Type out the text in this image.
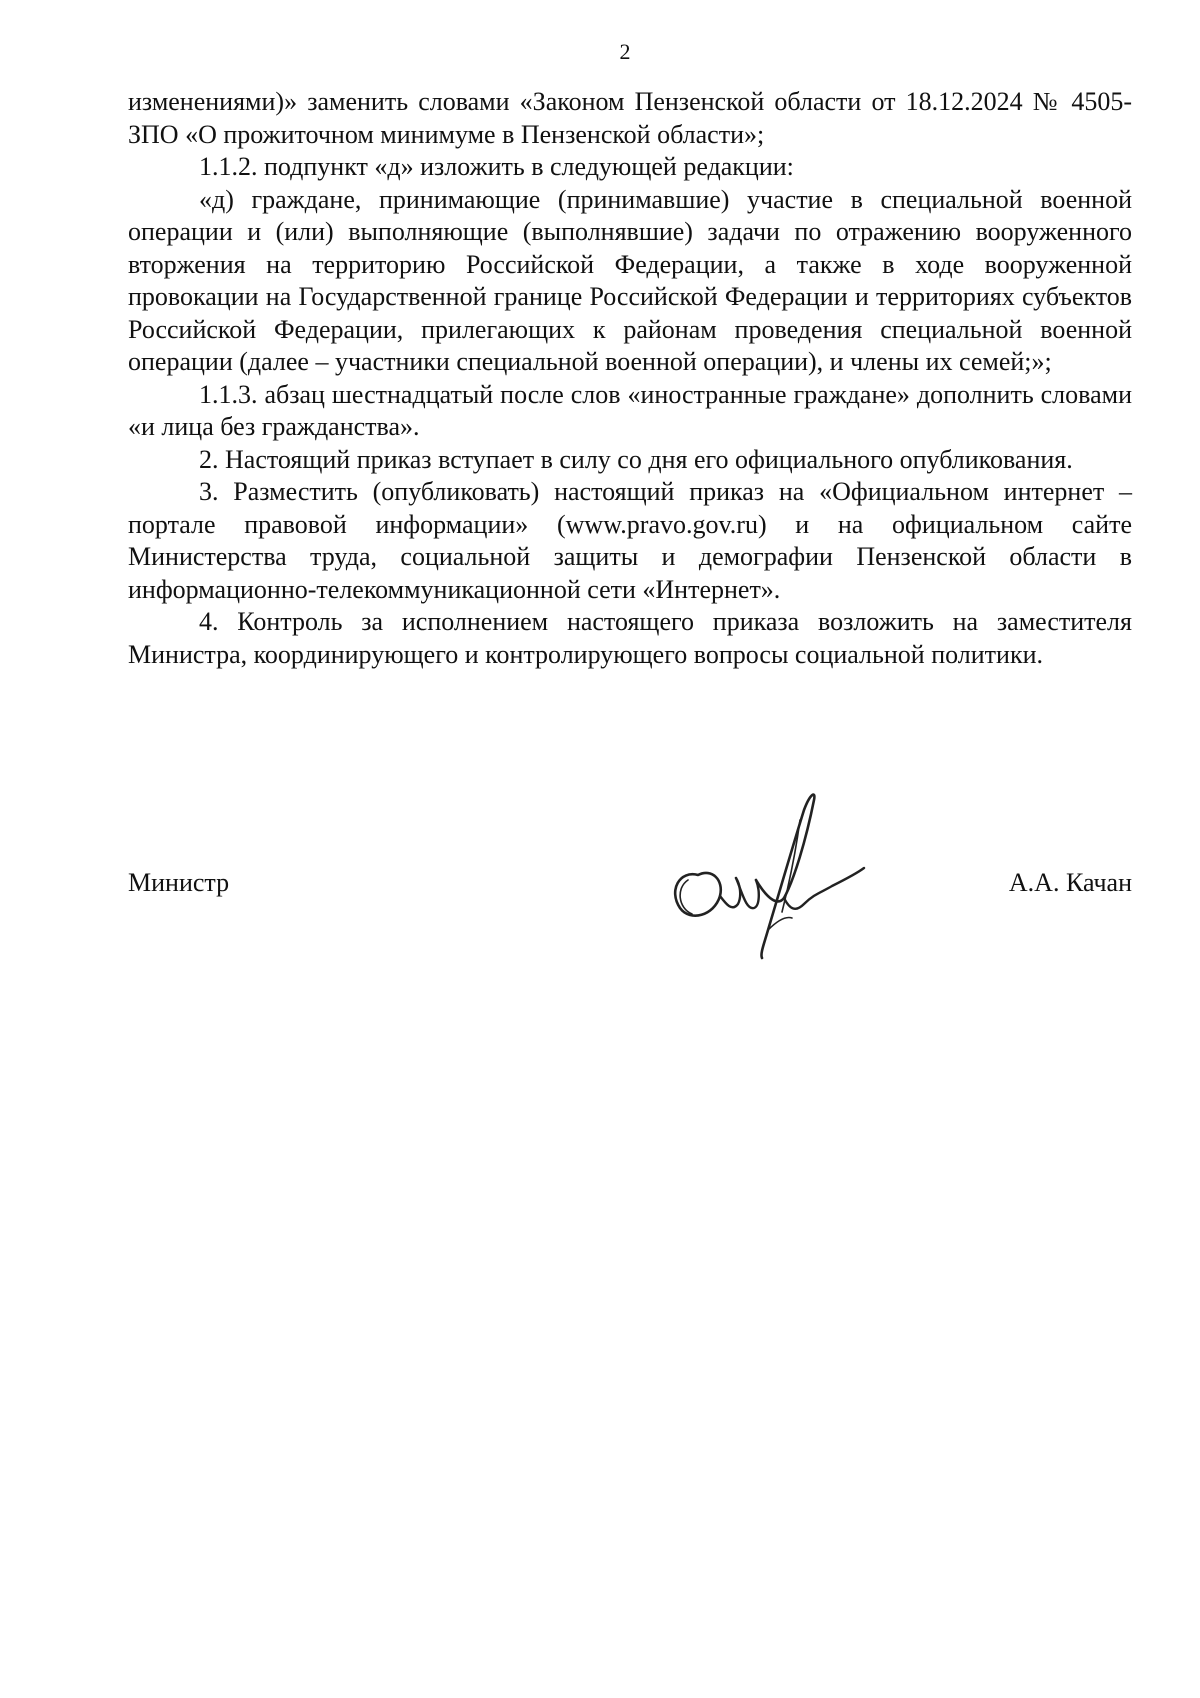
2

изменениями)» заменить словами «Законом Пензенской области от 18.12.2024 № 4505-ЗПО «О прожиточном минимуме в Пензенской области»;

1.1.2. подпункт «д» изложить в следующей редакции:

«д) граждане, принимающие (принимавшие) участие в специальной военной операции и (или) выполняющие (выполнявшие) задачи по отражению вооруженного вторжения на территорию Российской Федерации, а также в ходе вооруженной провокации на Государственной границе Российской Федерации и территориях субъектов Российской Федерации, прилегающих к районам проведения специальной военной операции (далее – участники специальной военной операции), и члены их семей;»;

1.1.3. абзац шестнадцатый после слов «иностранные граждане» дополнить словами «и лица без гражданства».

2. Настоящий приказ вступает в силу со дня его официального опубликования.

3. Разместить (опубликовать) настоящий приказ на «Официальном интернет – портале правовой информации» (www.pravo.gov.ru) и на официальном сайте Министерства труда, социальной защиты и демографии Пензенской области в информационно-телекоммуникационной сети «Интернет».

4. Контроль за исполнением настоящего приказа возложить на заместителя Министра, координирующего и контролирующего вопросы социальной политики.

Министр	А.А. Качан
